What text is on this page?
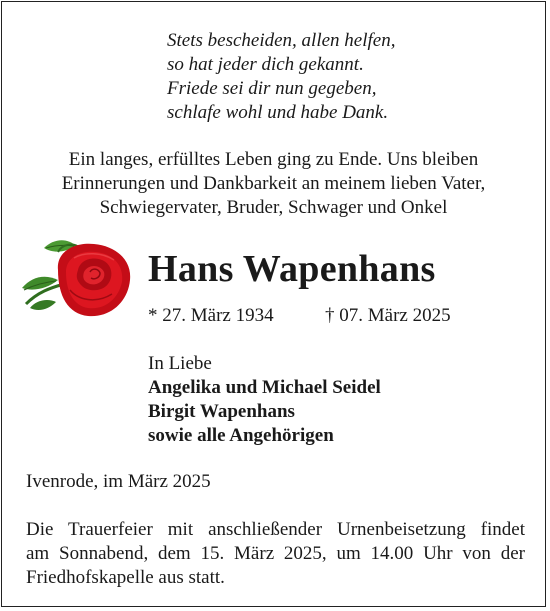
Stets bescheiden, allen helfen,
so hat jeder dich gekannt.
Friede sei dir nun gegeben,
schlafe wohl und habe Dank.
Ein langes, erfülltes Leben ging zu Ende. Uns bleiben
Erinnerungen und Dankbarkeit an meinem lieben Vater,
Schwiegervater, Bruder, Schwager und Onkel
Hans Wapenhans
* 27. März 1934	† 07. März 2025
In Liebe
Angelika und Michael Seidel
Birgit Wapenhans
sowie alle Angehörigen
Ivenrode, im März 2025
Die Trauerfeier mit anschließender Urnenbeisetzung findet
am Sonnabend, dem 15. März 2025, um 14.00 Uhr von der
Friedhofskapelle aus statt.
